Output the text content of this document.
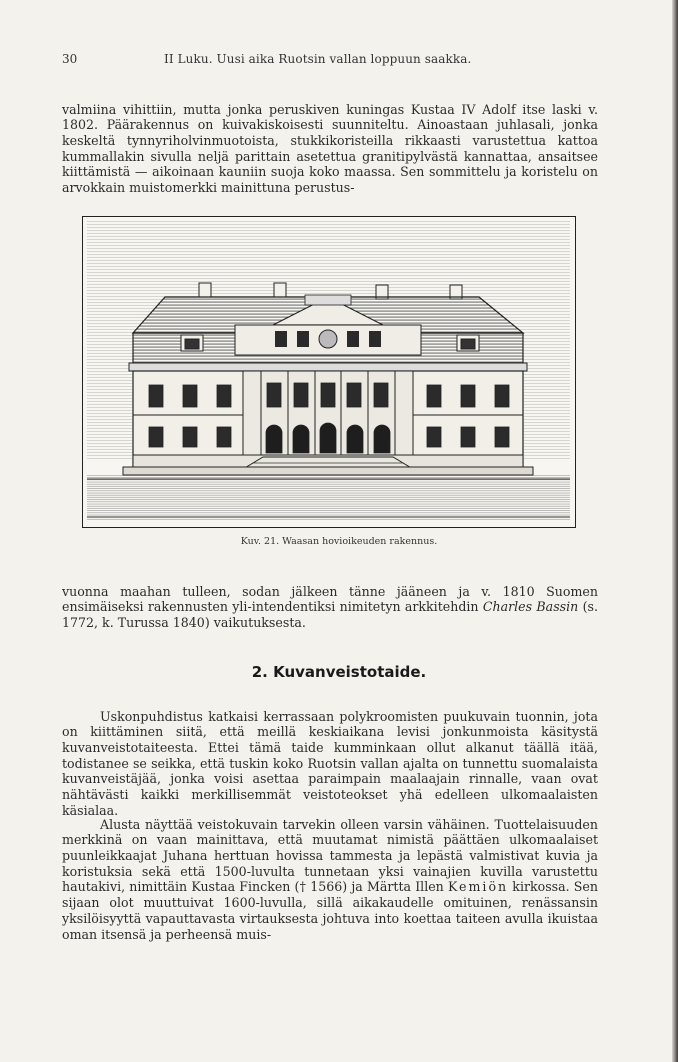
30	II Luku. Uusi aika Ruotsin vallan loppuun saakka.

valmiina vihittiin, mutta jonka peruskiven kuningas Kustaa IV Adolf itse laski v. 1802. Päärakennus on kuivakiskoisesti suunniteltu. Ainoastaan juhlasali, jonka keskeltä tynnyriholvinmuotoista, stukkikoristeilla rikkaasti varustettua kattoa kummallakin sivulla neljä parittain asetettua granitipylvästä kannattaa, ansaitsee kiittämistä — aikoinaan kauniin suoja koko maassa. Sen sommittelu ja koristelu on arvokkain muistomerkki mainittuna perustus-

Kuv. 21. Waasan hovioikeuden rakennus.

vuonna maahan tulleen, sodan jälkeen tänne jääneen ja v. 1810 Suomen ensimäiseksi rakennusten yli-intendentiksi nimitetyn arkkitehdin Charles Bassin (s. 1772, k. Turussa 1840) vaikutuksesta.

2. Kuvanveistotaide.

Uskonpuhdistus katkaisi kerrassaan polykroomisten puukuvain tuonnin, jota on kiittäminen siitä, että meillä keskiaikana levisi jonkunmoista käsitystä kuvanveistotaiteesta. Ettei tämä taide kumminkaan ollut alkanut täällä itää, todistanee se seikka, että tuskin koko Ruotsin vallan ajalta on tunnettu suomalaista kuvanveistäjää, jonka voisi asettaa paraimpain maalaajain rinnalle, vaan ovat nähtävästi kaikki merkillisemmät veistoteokset yhä edelleen ulkomaalaisten käsialaa.

Alusta näyttää veistokuvain tarvekin olleen varsin vähäinen. Tuottelaisuuden merkkinä on vaan mainittava, että muutamat nimistä päättäen ulkomaalaiset puunleikkaajat Juhana herttuan hovissa tammesta ja lepästä valmistivat kuvia ja koristuksia sekä että 1500-luvulta tunnetaan yksi vainajien kuvilla varustettu hautakivi, nimittäin Kustaa Fincken († 1566) ja Märtta Illen Kemiön kirkossa. Sen sijaan olot muuttuivat 1600-luvulla, sillä aikakaudelle omituinen, renässansin yksilöisyyttä vapauttavasta virtauksesta johtuva into koettaa taiteen avulla ikuistaa oman itsensä ja perheensä muis-
